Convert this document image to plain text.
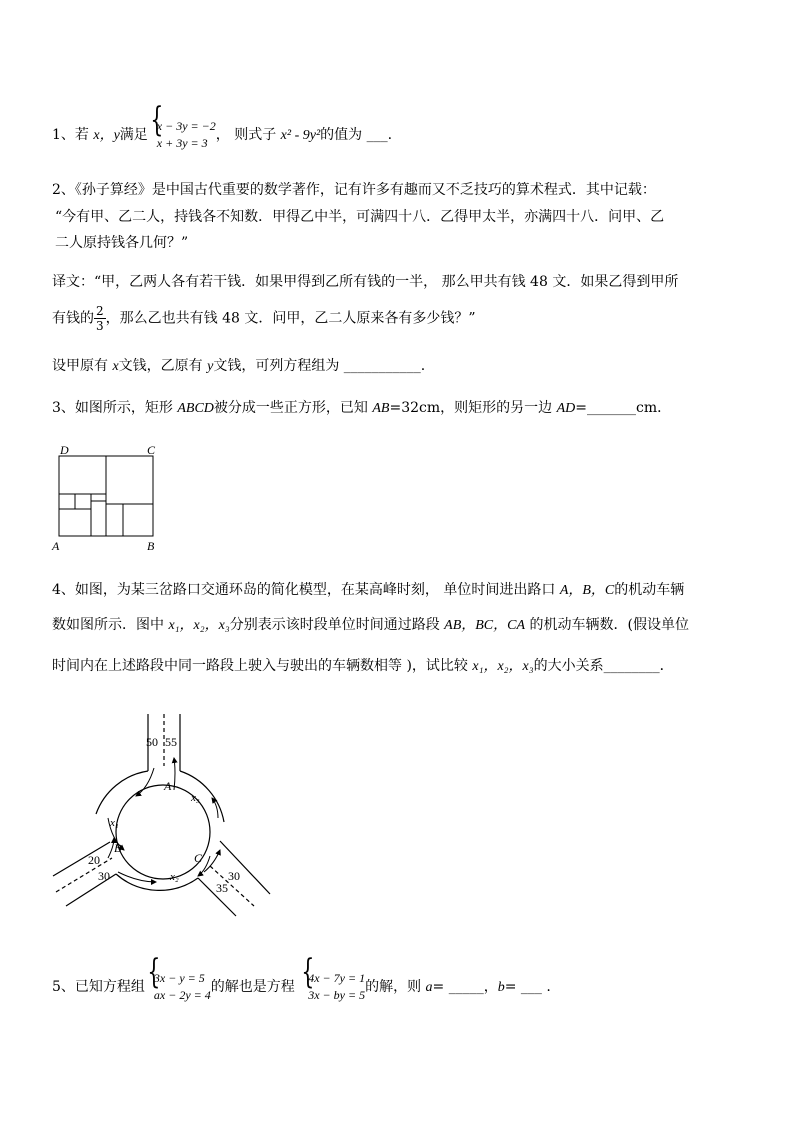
1、若 x，y满足
{ x − 3y = −2
x + 3y = 3 ， 则式子 x² - 9y²的值为 ___.
2、《孙子算经》是中国古代重要的数学著作，记有许多有趣而又不乏技巧的算术程式．其中记载：
“今有甲、乙二人，持钱各不知数．甲得乙中半，可满四十八．乙得甲太半，亦满四十八．问甲、乙
二人原持钱各几何？”
译文：“甲，乙两人各有若干钱．如果甲得到乙所有钱的一半， 那么甲共有钱 48 文．如果乙得到甲所
有钱的 $\frac{2}{3}$ ，那么乙也共有钱 48 文．问甲，乙二人原来各有多少钱？”
设甲原有 x文钱，乙原有 y文钱，可列方程组为 ___________.
3、如图所示，矩形 ABCD被分成一些正方形，已知 AB=32cm，则矩形的另一边 AD=_______cm．
D	C
A	B
4、如图，为某三岔路口交通环岛的简化模型，在某高峰时刻， 单位时间进出路口 A，B，C的机动车辆
数如图所示．图中 x₁，x₂，x₃分别表示该时段单位时间通过路段 AB，BC，CA 的机动车辆数．(假设单位
时间内在上述路段中同一路段上驶入与驶出的车辆数相等 )，试比较 x₁，x₂，x₃的大小关系________．
50 55
20
30	30
35
A
B
C
x₁
x₂
x₃
5、已知方程组
{ 3x − y = 5
ax − 2y = 4 的解也是方程
{ 4x − 7y = 1
3x − by = 5 的解，则 a= _____，b= ___ .
